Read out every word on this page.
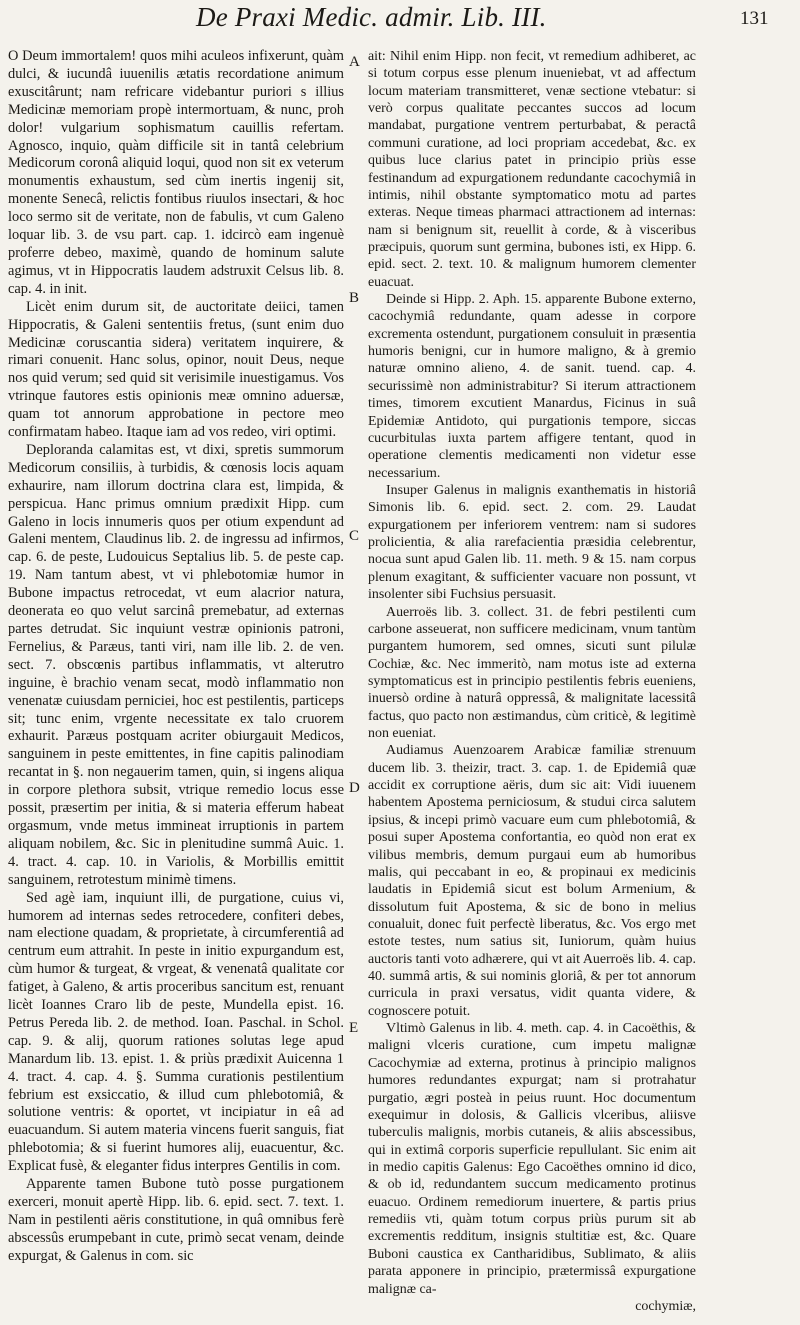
De Praxi Medic. admir. Lib. III.	131
A
B
C
D
E

O Deum immortalem! quos mihi aculeos infixerunt, quàm dulci, & iucundâ iuuenilis ætatis recordatione animum exuscitârunt; nam refricare videbantur puriori s illius Medicinæ memoriam propè intermortuam, & nunc, proh dolor! vulgarium sophismatum cauillis refertam. Agnosco, inquio, quàm difficile sit in tantâ celebrium Medicorum coronâ aliquid loqui, quod non sit ex veterum monumentis exhaustum, sed cùm inertis ingenij sit, monente Senecâ, relictis fontibus riuulos insectari, & hoc loco sermo sit de veritate, non de fabulis, vt cum Galeno loquar lib. 3. de vsu part. cap. 1. idcircò eam ingenuè proferre debeo, maximè, quando de hominum salute agimus, vt in Hippocratis laudem adstruxit Celsus lib. 8. cap. 4. in init.

Licèt enim durum sit, de auctoritate deiici, tamen Hippocratis, & Galeni sententiis fretus, (sunt enim duo Medicinæ coruscantia sidera) veritatem inquirere, & rimari conuenit. Hanc solus, opinor, nouit Deus, neque nos quid verum; sed quid sit verisimile inuestigamus. Vos vtrinque fautores estis opinionis meæ omnino aduersæ, quam tot annorum approbatione in pectore meo confirmatam habeo. Itaque iam ad vos redeo, viri optimi.

Deploranda calamitas est, vt dixi, spretis summorum Medicorum consiliis, à turbidis, & cœnosis locis aquam exhaurire, nam illorum doctrina clara est, limpida, & perspicua. Hanc primus omnium prædixit Hipp. cum Galeno in locis innumeris quos per otium expendunt ad Galeni mentem, Claudinus lib. 2. de ingressu ad infirmos, cap. 6. de peste, Ludouicus Septalius lib. 5. de peste cap. 19. Nam tantum abest, vt vi phlebotomiæ humor in Bubone impactus retrocedat, vt eum alacrior natura, deonerata eo quo velut sarcinâ premebatur, ad externas partes detrudat. Sic inquiunt vestræ opinionis patroni, Fernelius, & Paræus, tanti viri, nam ille lib. 2. de ven. sect. 7. obscœnis partibus inflammatis, vt alterutro inguine, è brachio venam secat, modò inflammatio non venenatæ cuiusdam perniciei, hoc est pestilentis, particeps sit; tunc enim, vrgente necessitate ex talo cruorem exhaurit. Paræus postquam acriter obiurgauit Medicos, sanguinem in peste emittentes, in fine capitis palinodiam recantat in §. non negauerim tamen, quin, si ingens aliqua in corpore plethora subsit, vtrique remedio locus esse possit, præsertim per initia, & si materia efferum habeat orgasmum, vnde metus immineat irruptionis in partem aliquam nobilem, &c. Sic in plenitudine summâ Auic. 1. 4. tract. 4. cap. 10. in Variolis, & Morbillis emittit sanguinem, retrotestum minimè timens.

Sed agè iam, inquiunt illi, de purgatione, cuius vi, humorem ad internas sedes retrocedere, confiteri debes, nam electione quadam, & proprietate, à circumferentiâ ad centrum eum attrahit. In peste in initio expurgandum est, cùm humor & turgeat, & vrgeat, & venenatâ qualitate cor fatiget, à Galeno, & artis proceribus sancitum est, renuant licèt Ioannes Craro lib de peste, Mundella epist. 16. Petrus Pereda lib. 2. de method. Ioan. Paschal. in Schol. cap. 9. & alij, quorum rationes solutas lege apud Manardum lib. 13. epist. 1. & priùs prædixit Auicenna 1 4. tract. 4. cap. 4. §. Summa curationis pestilentium febrium est exsiccatio, & illud cum phlebotomiâ, & solutione ventris: & oportet, vt incipiatur in eâ ad euacuandum. Si autem materia vincens fuerit sanguis, fiat phlebotomia; & si fuerint humores alij, euacuentur, &c. Explicat fusè, & eleganter fidus interpres Gentilis in com.

Apparente tamen Bubone tutò posse purgationem exerceri, monuit apertè Hipp. lib. 6. epid. sect. 7. text. 1. Nam in pestilenti aëris constitutione, in quâ omnibus ferè abscessûs erumpebant in cute, primò secat venam, deinde expurgat, & Galenus in com. sic

ait: Nihil enim Hipp. non fecit, vt remedium adhiberet, ac si totum corpus esse plenum inueniebat, vt ad affectum locum materiam transmitteret, venæ sectione vtebatur: si verò corpus qualitate peccantes succos ad locum mandabat, purgatione ventrem perturbabat, & peractâ communi curatione, ad loci propriam accedebat, &c. ex quibus luce clarius patet in principio priùs esse festinandum ad expurgationem redundante cacochymiâ in intimis, nihil obstante symptomatico motu ad partes exteras. Neque timeas pharmaci attractionem ad internas: nam si benignum sit, reuellit à corde, & à visceribus præcipuis, quorum sunt germina, bubones isti, ex Hipp. 6. epid. sect. 2. text. 10. & malignum humorem clementer euacuat.

Deinde si Hipp. 2. Aph. 15. apparente Bubone externo, cacochymiâ redundante, quam adesse in corpore excrementa ostendunt, purgationem consuluit in præsentia humoris benigni, cur in humore maligno, & à gremio naturæ omnino alieno, 4. de sanit. tuend. cap. 4. securissimè non administrabitur? Si iterum attractionem times, timorem excutient Manardus, Ficinus in suâ Epidemiæ Antidoto, qui purgationis tempore, siccas cucurbitulas iuxta partem affigere tentant, quod in operatione clementis medicamenti non videtur esse necessarium.

Insuper Galenus in malignis exanthematis in historiâ Simonis lib. 6. epid. sect. 2. com. 29. Laudat expurgationem per inferiorem ventrem: nam si sudores prolicientia, & alia rarefacientia præsidia celebrentur, nocua sunt apud Galen lib. 11. meth. 9 & 15. nam corpus plenum exagitant, & sufficienter vacuare non possunt, vt insolenter sibi Fuchsius persuasit.

Auerroës lib. 3. collect. 31. de febri pestilenti cum carbone asseuerat, non sufficere medicinam, vnum tantùm purgantem humorem, sed omnes, sicuti sunt pilulæ Cochiæ, &c. Nec immeritò, nam motus iste ad externa symptomaticus est in principio pestilentis febris eueniens, inuersò ordine à naturâ oppressâ, & malignitate lacessitâ factus, quo pacto non æstimandus, cùm criticè, & legitimè non eueniat.

Audiamus Auenzoarem Arabicæ familiæ strenuum ducem lib. 3. theizir, tract. 3. cap. 1. de Epidemiâ quæ accidit ex corruptione aëris, dum sic ait: Vidi iuuenem habentem Apostema perniciosum, & studui circa salutem ipsius, & incepi primò vacuare eum cum phlebotomiâ, & posui super Apostema confortantia, eo quòd non erat ex vilibus membris, demum purgaui eum ab humoribus malis, qui peccabant in eo, & propinaui ex medicinis laudatis in Epidemiâ sicut est bolum Armenium, & dissolutum fuit Apostema, & sic de bono in melius conualuit, donec fuit perfectè liberatus, &c. Vos ergo met estote testes, num satius sit, Iuniorum, quàm huius auctoris tanti voto adhærere, qui vt ait Auerroës lib. 4. cap. 40. summâ artis, & sui nominis gloriâ, & per tot annorum curricula in praxi versatus, vidit quanta videre, & cognoscere potuit.

Vltimò Galenus in lib. 4. meth. cap. 4. in Cacoëthis, & maligni vlceris curatione, cum impetu malignæ Cacochymiæ ad externa, protinus à principio malignos humores redundantes expurgat; nam si protrahatur purgatio, ægri posteà in peius ruunt. Hoc documentum exequimur in dolosis, & Gallicis vlceribus, aliisve tuberculis malignis, morbis cutaneis, & aliis abscessibus, qui in extimâ corporis superficie repullulant. Sic enim ait in medio capitis Galenus: Ego Cacoëthes omnino id dico, & ob id, redundantem succum medicamento protinus euacuo. Ordinem remediorum inuertere, & partis prius remediis vti, quàm totum corpus priùs purum sit ab excrementis redditum, insignis stultitiæ est, &c. Quare Buboni caustica ex Cantharidibus, Sublimato, & aliis parata apponere in principio, prætermissâ expurgatione malignæ ca-

cochymiæ,
